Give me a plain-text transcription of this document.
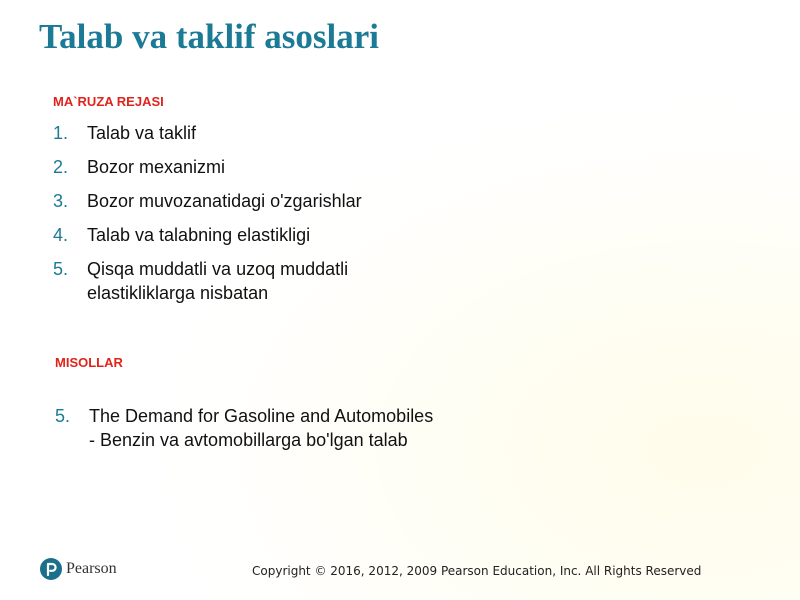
Talab va taklif asoslari
MA`RUZA REJASI
1. Talab va taklif
2. Bozor mexanizmi
3. Bozor muvozanatidagi o'zgarishlar
4. Talab va talabning elastikligi
5. Qisqa muddatli va uzoq muddatli
elastikliklarga nisbatan
MISOLLAR
5. The Demand for Gasoline and Automobiles
- Benzin va avtomobillarga bo'lgan talab
Pearson	Copyright © 2016, 2012, 2009 Pearson Education, Inc. All Rights Reserved
